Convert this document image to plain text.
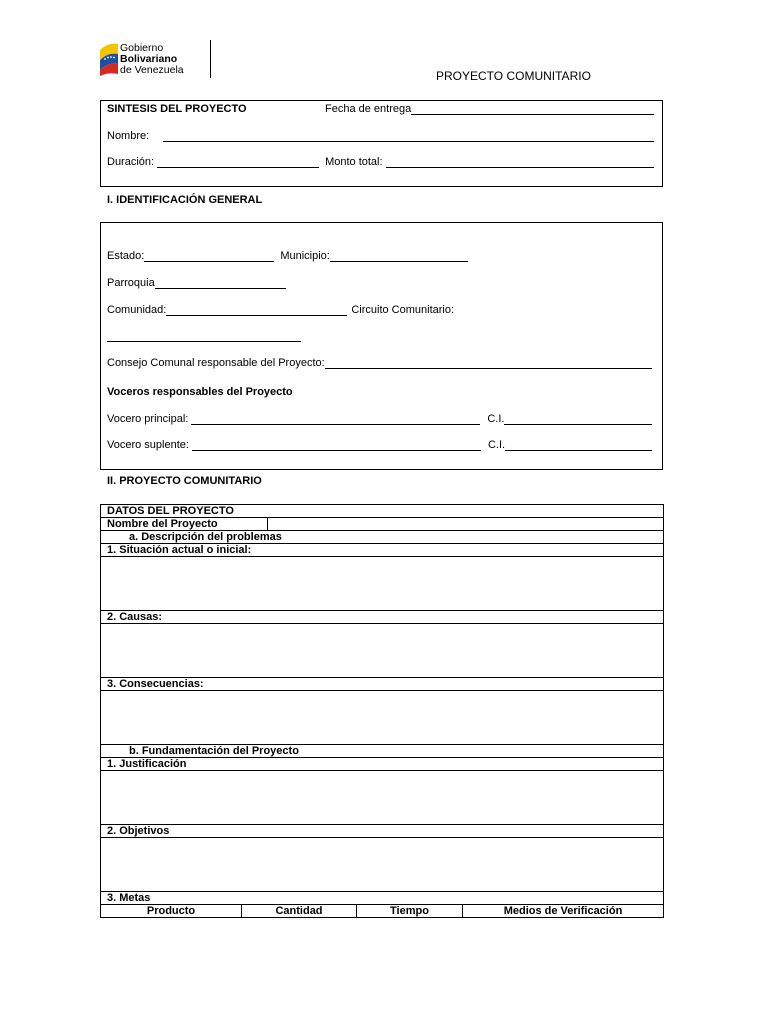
Gobierno
Bolivariano
de Venezuela	PROYECTO COMUNITARIO
SINTESIS DEL PROYECTO	Fecha de entrega
Nombre:
Duración:	Monto total:
I. IDENTIFICACIÓN GENERAL
Estado:	Municipio:
Parroquia
Comunidad:	Circuito Comunitario:
Consejo Comunal responsable del Proyecto:
Voceros responsables del Proyecto
Vocero principal:	C.I.
Vocero suplente:	C.I.
II. PROYECTO COMUNITARIO
DATOS DEL PROYECTO				
Nombre del Proyecto				
a. Descripción del problemas				
1. Situación actual o inicial:				

2. Causas:				

3. Consecuencias:				

b. Fundamentación del Proyecto				
1. Justificación				

2. Objetivos				

3. Metas				
Producto	Cantidad		Tiempo	Medios de Verificación
